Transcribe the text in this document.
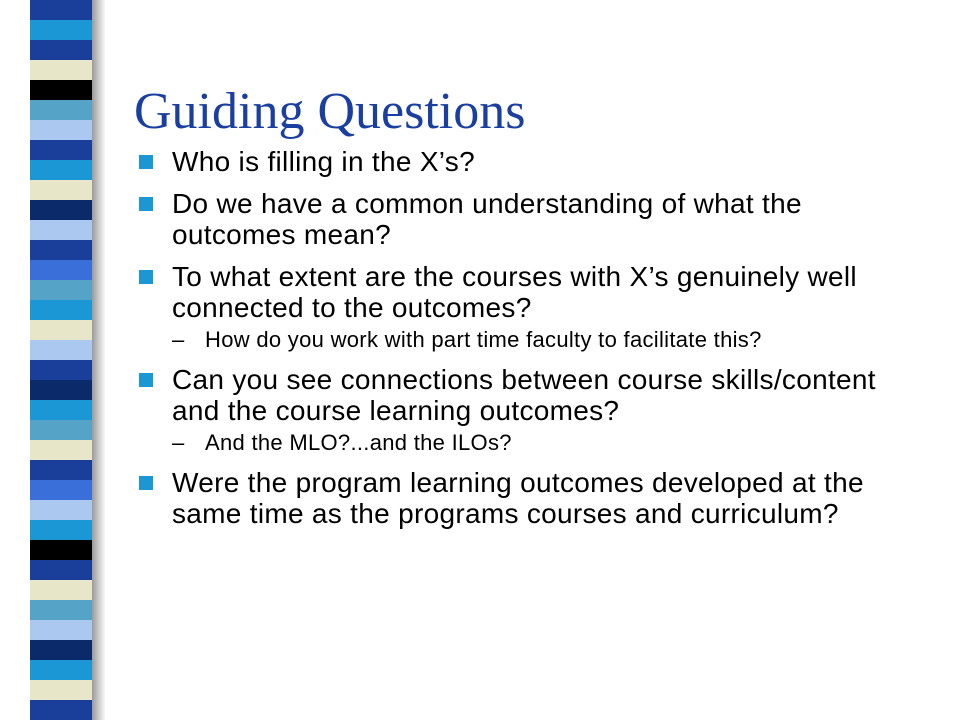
Guiding Questions
Who is filling in the X’s?
Do we have a common understanding of what the outcomes mean?
To what extent are the courses with X’s genuinely well connected to the outcomes?
– How do you work with part time faculty to facilitate this?
Can you see connections between course skills/content and the course learning outcomes?
– And the MLO?...and the ILOs?
Were the program learning outcomes developed at the same time as the programs courses and curriculum?
